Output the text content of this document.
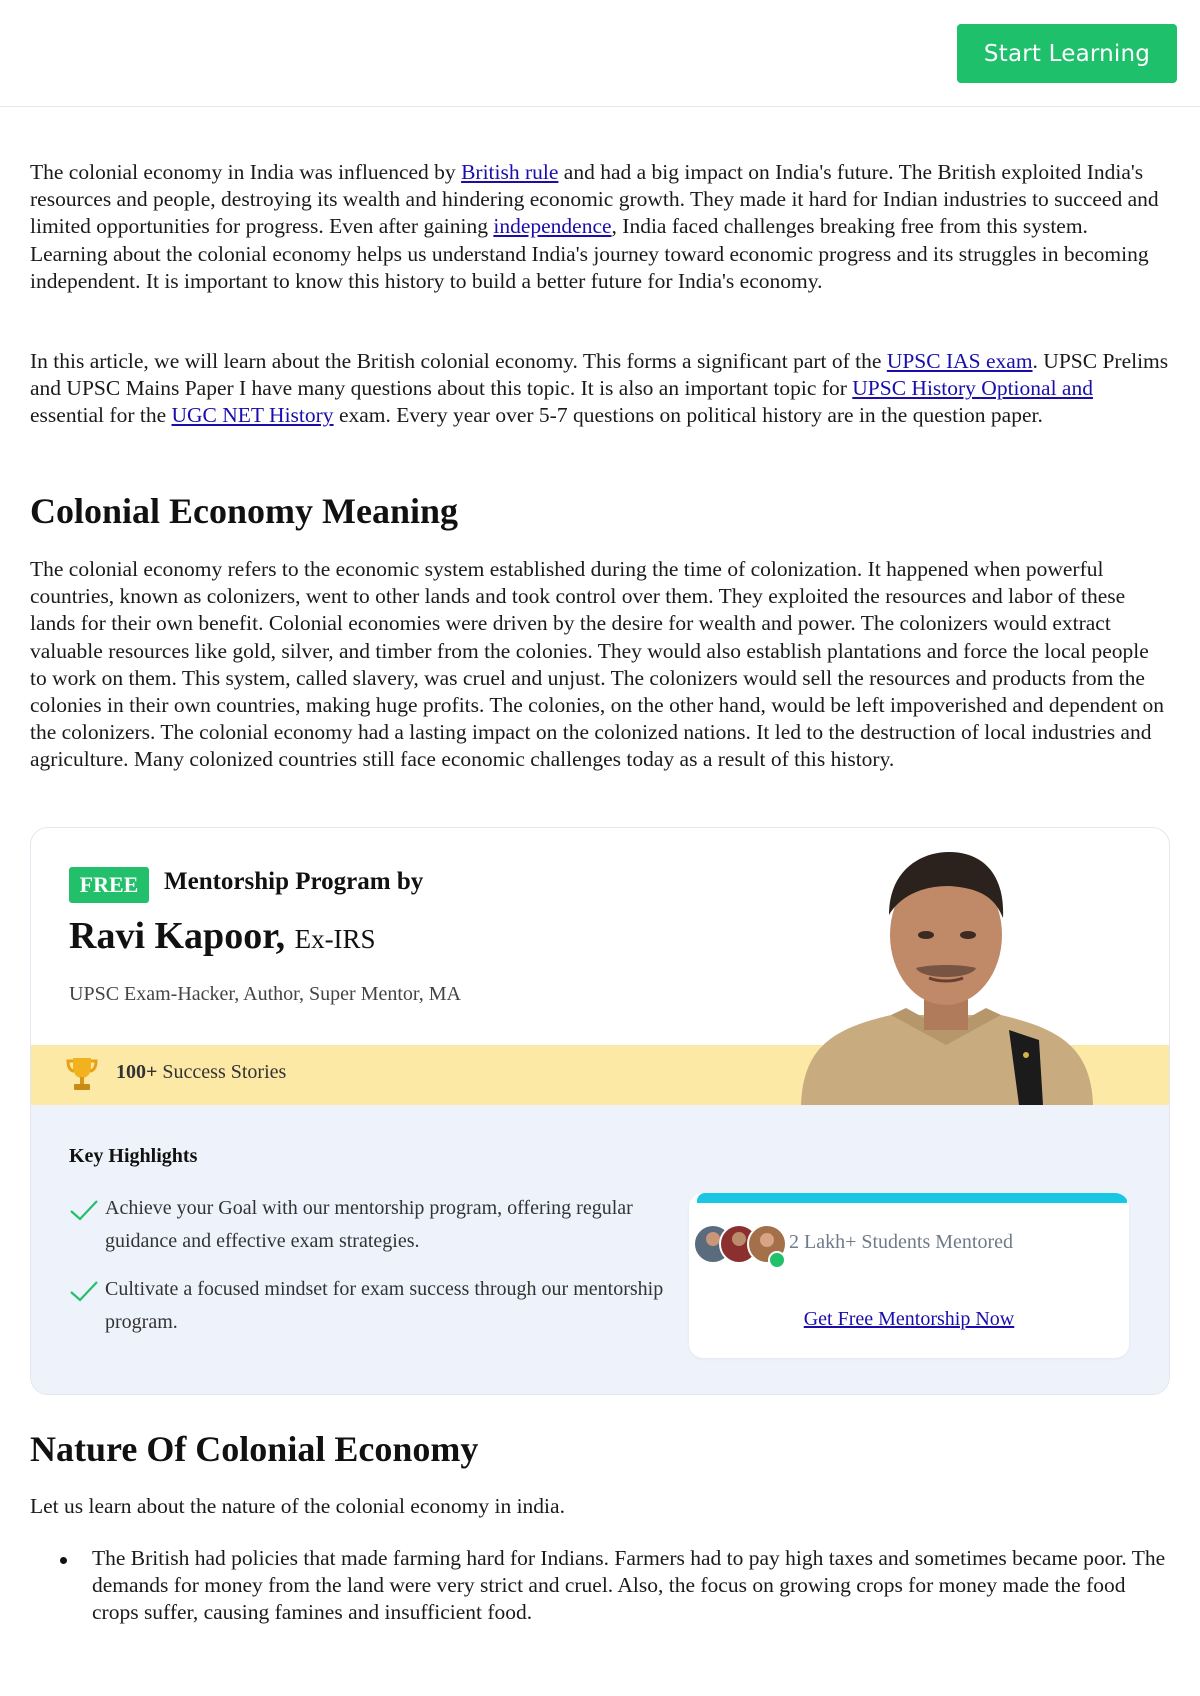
Start Learning

The colonial economy in India was influenced by British rule and had a big impact on India's future. The British exploited India's resources and people, destroying its wealth and hindering economic growth. They made it hard for Indian industries to succeed and limited opportunities for progress. Even after gaining independence, India faced challenges breaking free from this system. Learning about the colonial economy helps us understand India's journey toward economic progress and its struggles in becoming independent. It is important to know this history to build a better future for India's economy.

In this article, we will learn about the British colonial economy. This forms a significant part of the UPSC IAS exam. UPSC Prelims and UPSC Mains Paper I have many questions about this topic. It is also an important topic for UPSC History Optional and essential for the UGC NET History exam. Every year over 5-7 questions on political history are in the question paper.

Colonial Economy Meaning

The colonial economy refers to the economic system established during the time of colonization. It happened when powerful countries, known as colonizers, went to other lands and took control over them. They exploited the resources and labor of these lands for their own benefit. Colonial economies were driven by the desire for wealth and power. The colonizers would extract valuable resources like gold, silver, and timber from the colonies. They would also establish plantations and force the local people to work on them. This system, called slavery, was cruel and unjust. The colonizers would sell the resources and products from the colonies in their own countries, making huge profits. The colonies, on the other hand, would be left impoverished and dependent on the colonizers. The colonial economy had a lasting impact on the colonized nations. It led to the destruction of local industries and agriculture. Many colonized countries still face economic challenges today as a result of this history.

FREE	Mentorship Program by
Ravi Kapoor, Ex-IRS
UPSC Exam-Hacker, Author, Super Mentor, MA
100+ Success Stories
Key Highlights
Achieve your Goal with our mentorship program, offering regular guidance and effective exam strategies.
Cultivate a focused mindset for exam success through our mentorship program.
2 Lakh+ Students Mentored
Get Free Mentorship Now
Nature Of Colonial Economy

Let us learn about the nature of the colonial economy in india.

The British had policies that made farming hard for Indians. Farmers had to pay high taxes and sometimes became poor. The demands for money from the land were very strict and cruel. Also, the focus on growing crops for money made the food crops suffer, causing famines and insufficient food.
